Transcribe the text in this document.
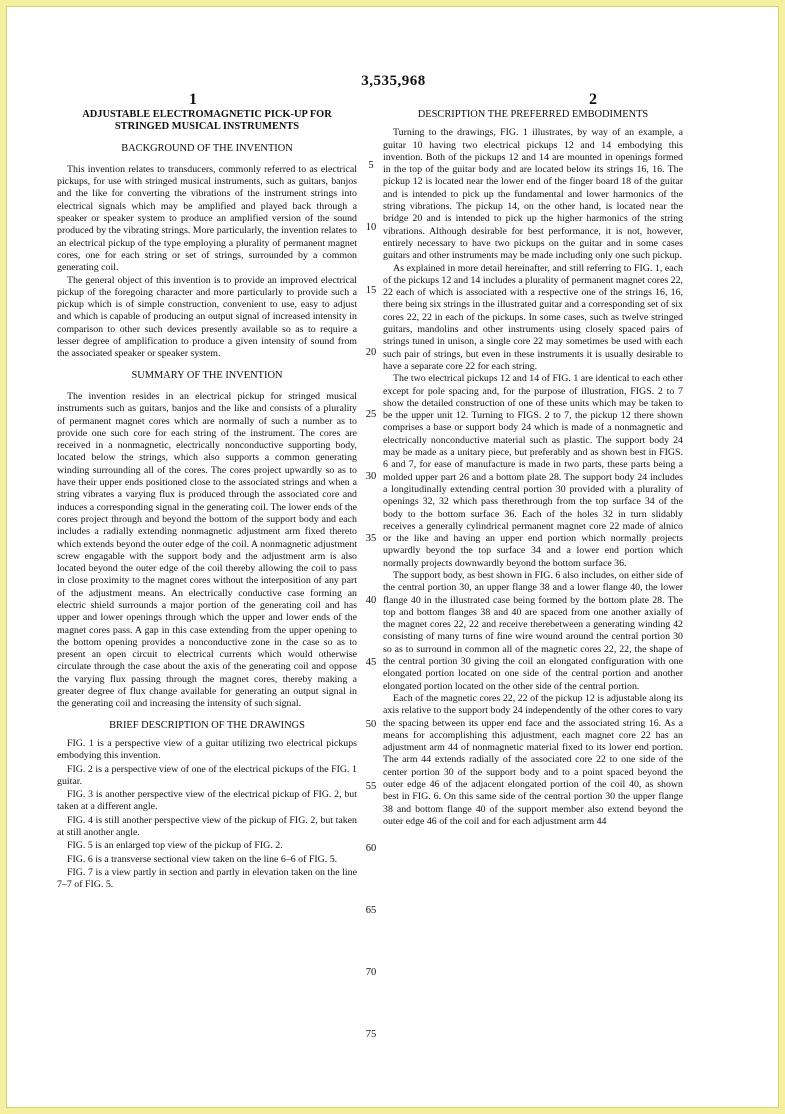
3,535,968
1	2

ADJUSTABLE ELECTROMAGNETIC PICK-UP FOR STRINGED MUSICAL INSTRUMENTS

BACKGROUND OF THE INVENTION

This invention relates to transducers, commonly referred to as electrical pickups, for use with stringed musical instruments, such as guitars, banjos and the like for converting the vibrations of the instrument strings into electrical signals which may be amplified and played back through a speaker or speaker system to produce an amplified version of the sound produced by the vibrating strings. More particularly, the invention relates to an electrical pickup of the type employing a plurality of permanent magnet cores, one for each string or set of strings, surrounded by a common generating coil.

The general object of this invention is to provide an improved electrical pickup of the foregoing character and more particularly to provide such a pickup which is of simple construction, convenient to use, easy to adjust and which is capable of producing an output signal of increased intensity in comparison to other such devices presently available so as to require a lesser degree of amplification to produce a given intensity of sound from the associated speaker or speaker system.

SUMMARY OF THE INVENTION

The invention resides in an electrical pickup for stringed musical instruments such as guitars, banjos and the like and consists of a plurality of permanent magnet cores which are normally of such a number as to provide one such core for each string of the instrument. The cores are received in a nonmagnetic, electrically nonconductive supporting body, located below the strings, which also supports a common generating winding surrounding all of the cores. The cores project upwardly so as to have their upper ends positioned close to the associated strings and when a string vibrates a varying flux is produced through the associated core and induces a corresponding signal in the generating coil. The lower ends of the cores project through and beyond the bottom of the support body and each includes a radially extending nonmagnetic adjustment arm fixed thereto which extends beyond the outer edge of the coil. A nonmagnetic adjustment screw engagable with the support body and the adjustment arm is also located beyond the outer edge of the coil thereby allowing the coil to pass in close proximity to the magnet cores without the interposition of any part of the adjustment means. An electrically conductive case forming an electric shield surrounds a major portion of the generating coil and has upper and lower openings through which the upper and lower ends of the magnet cores pass. A gap in this case extending from the upper opening to the bottom opening provides a nonconductive zone in the case so as to present an open circuit to electrical currents which would otherwise circulate through the case about the axis of the generating coil and oppose the varying flux passing through the magnet cores, thereby making a greater degree of flux change available for generating an output signal in the generating coil and increasing the intensity of such signal.

BRIEF DESCRIPTION OF THE DRAWINGS

FIG. 1 is a perspective view of a guitar utilizing two electrical pickups embodying this invention.

FIG. 2 is a perspective view of one of the electrical pickups of the FIG. 1 guitar.

FIG. 3 is another perspective view of the electrical pickup of FIG. 2, but taken at a different angle.

FIG. 4 is still another perspective view of the pickup of FIG. 2, but taken at still another angle.

FIG. 5 is an enlarged top view of the pickup of FIG. 2.

FIG. 6 is a transverse sectional view taken on the line 6–6 of FIG. 5.

FIG. 7 is a view partly in section and partly in elevation taken on the line 7–7 of FIG. 5.

5
10
15
20
25
30
35
40
45
50
55
60
65
70
75

DESCRIPTION THE PREFERRED EMBODIMENTS

Turning to the drawings, FIG. 1 illustrates, by way of an example, a guitar 10 having two electrical pickups 12 and 14 embodying this invention. Both of the pickups 12 and 14 are mounted in openings formed in the top of the guitar body and are located below its strings 16, 16. The pickup 12 is located near the lower end of the finger board 18 of the guitar and is intended to pick up the fundamental and lower harmonics of the string vibrations. The pickup 14, on the other hand, is located near the bridge 20 and is intended to pick up the higher harmonics of the string vibrations. Although desirable for best performance, it is not, however, entirely necessary to have two pickups on the guitar and in some cases guitars and other instruments may be made including only one such pickup.

As explained in more detail hereinafter, and still referring to FIG. 1, each of the pickups 12 and 14 includes a plurality of permanent magnet cores 22, 22 each of which is associated with a respective one of the strings 16, 16, there being six strings in the illustrated guitar and a corresponding set of six cores 22, 22 in each of the pickups. In some cases, such as twelve stringed guitars, mandolins and other instruments using closely spaced pairs of strings tuned in unison, a single core 22 may sometimes be used with each such pair of strings, but even in these instruments it is usually desirable to have a separate core 22 for each string.

The two electrical pickups 12 and 14 of FIG. 1 are identical to each other except for pole spacing and, for the purpose of illustration, FIGS. 2 to 7 show the detailed construction of one of these units which may be taken to be the upper unit 12. Turning to FIGS. 2 to 7, the pickup 12 there shown comprises a base or support body 24 which is made of a nonmagnetic and electrically nonconductive material such as plastic. The support body 24 may be made as a unitary piece, but preferably and as shown best in FIGS. 6 and 7, for ease of manufacture is made in two parts, these parts being a molded upper part 26 and a bottom plate 28. The support body 24 includes a longitudinally extending central portion 30 provided with a plurality of openings 32, 32 which pass therethrough from the top surface 34 of the body to the bottom surface 36. Each of the holes 32 in turn slidably receives a generally cylindrical permanent magnet core 22 made of alnico or the like and having an upper end portion which normally projects upwardly beyond the top surface 34 and a lower end portion which normally projects downwardly beyond the bottom surface 36.

The support body, as best shown in FIG. 6 also includes, on either side of the central portion 30, an upper flange 38 and a lower flange 40, the lower flange 40 in the illustrated case being formed by the bottom plate 28. The top and bottom flanges 38 and 40 are spaced from one another axially of the magnet cores 22, 22 and receive therebetween a generating winding 42 consisting of many turns of fine wire wound around the central portion 30 so as to surround in common all of the magnetic cores 22, 22, the shape of the central portion 30 giving the coil an elongated configuration with one elongated portion located on one side of the central portion and another elongated portion located on the other side of the central portion.

Each of the magnetic cores 22, 22 of the pickup 12 is adjustable along its axis relative to the support body 24 independently of the other cores to vary the spacing between its upper end face and the associated string 16. As a means for accomplishing this adjustment, each magnet core 22 has an adjustment arm 44 of nonmagnetic material fixed to its lower end portion. The arm 44 extends radially of the associated core 22 to one side of the center portion 30 of the support body and to a point spaced beyond the outer edge 46 of the adjacent elongated portion of the coil 40, as shown best in FIG. 6. On this same side of the central portion 30 the upper flange 38 and bottom flange 40 of the support member also extend beyond the outer edge 46 of the coil and for each adjustment arm 44
